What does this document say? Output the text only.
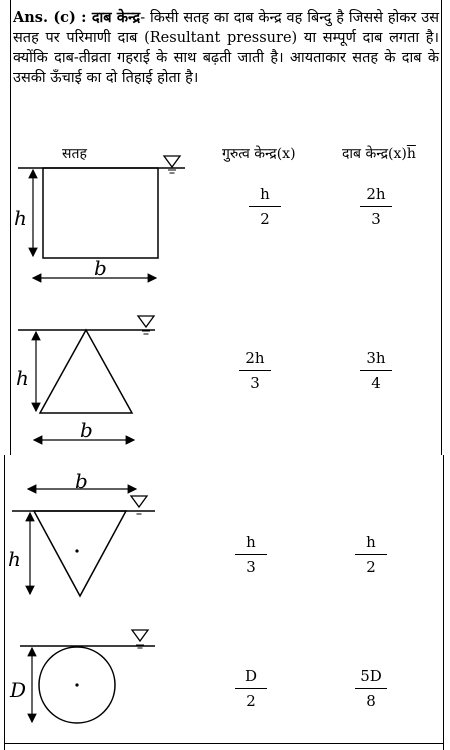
Ans. (c) : दाब केन्द्र- किसी सतह का दाब केन्द्र वह बिन्दु है जिससे होकर उस सतह पर परिमाणी दाब (Resultant pressure) या सम्पूर्ण दाब लगता है। क्योंकि दाब-तीव्रता गहराई के साथ बढ़ती जाती है। आयताकार सतह के दाब के उसकी ऊँचाई का दो तिहाई होता है।
सतह	गुरुत्व केन्द्र(x)	दाब $केन्द्र(x)\overline{h}$
h
b
h
b
b
h
D
h
2
2h
3
2h
3
3h
4
h
3
h
2
D
2
5D
8
